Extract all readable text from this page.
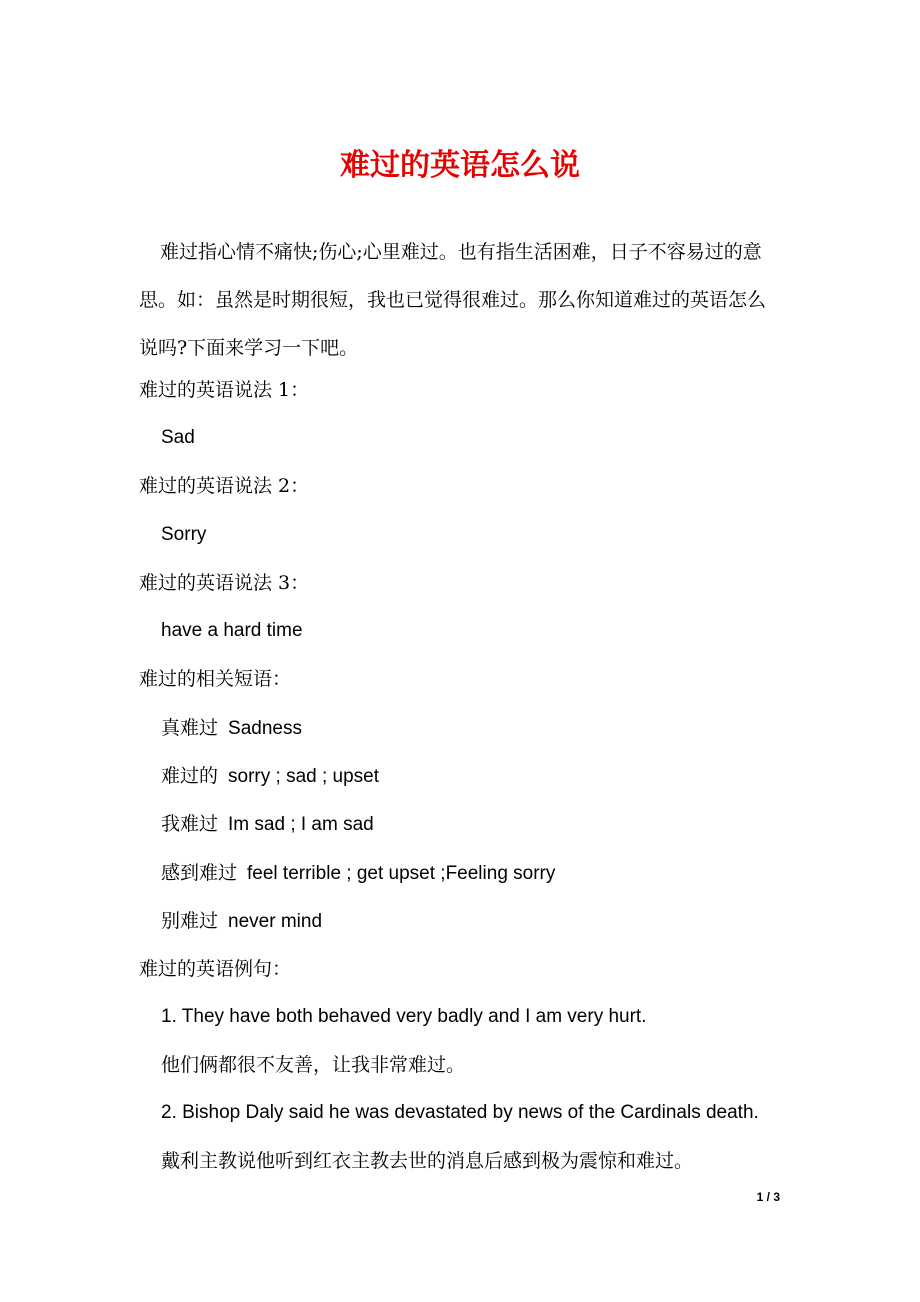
难过的英语怎么说

难过指心情不痛快;伤心;心里难过。也有指生活困难，日子不容易过的意思。如：虽然是时期很短，我也已觉得很难过。那么你知道难过的英语怎么说吗?下面来学习一下吧。

难过的英语说法 1：
Sad
难过的英语说法 2：
Sorry
难过的英语说法 3：
have a hard time
难过的相关短语：
真难过 Sadness
难过的 sorry ; sad ; upset
我难过 Im sad ; I am sad
感到难过 feel terrible ; get upset ;Feeling sorry
别难过 never mind
难过的英语例句：
1. They have both behaved very badly and I am very hurt.
他们俩都很不友善，让我非常难过。
2. Bishop Daly said he was devastated by news of the Cardinals death.
戴利主教说他听到红衣主教去世的消息后感到极为震惊和难过。
1 / 3
